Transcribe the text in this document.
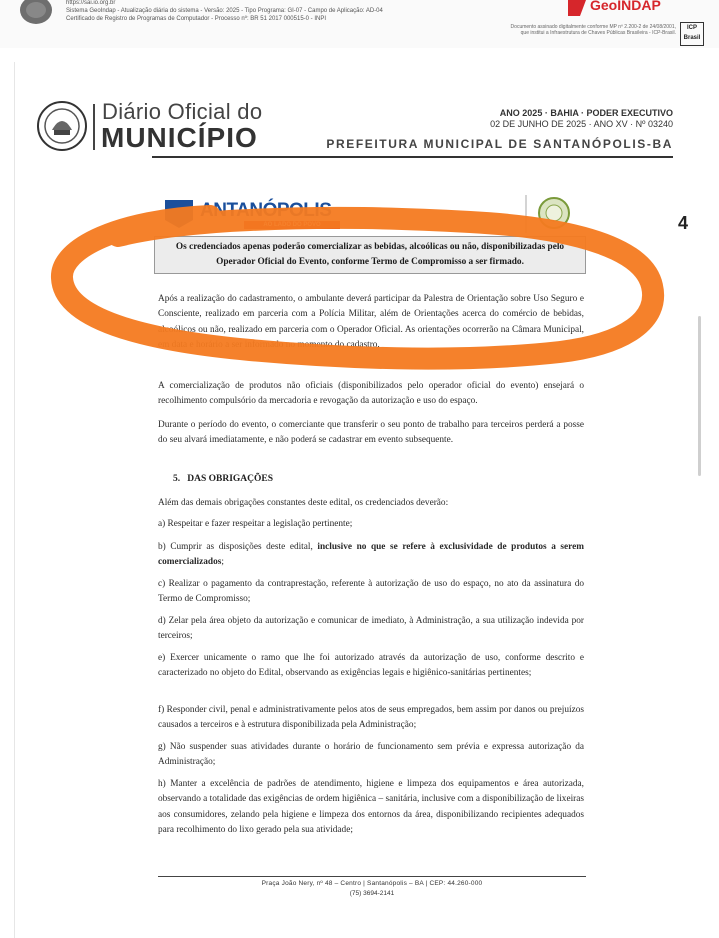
https://sai.io.org.br
Sistema GeoIndap - Atualização diária do sistema - Versão: 2025 - Tipo Programa: GI-07 - Campo de Aplicação: AD-04
Certificado de Registro de Programas de Computador - Processo nº: BR 51 2017 000515-0 - INPI
GeoINDAP
Documento assinado digitalmente conforme MP nº 2.200-2 de 24/08/2001,
que institui a Infraestrutura de Chaves Públicas Brasileira - ICP-Brasil.
ICP Brasil
Diário Oficial do
MUNICÍPIO
ANO 2025 · BAHIA · PODER EXECUTIVO
02 DE JUNHO DE 2025 · ANO XV · Nº 03240
PREFEITURA MUNICIPAL DE SANTANÓPOLIS-BA
4
ANTANÓPOLIS
AO LADO DO POVO
Os credenciados apenas poderão comercializar as bebidas, alcoólicas ou não, disponibilizadas pelo Operador Oficial do Evento, conforme Termo de Compromisso a ser firmado.
Após a realização do cadastramento, o ambulante deverá participar da Palestra de Orientação sobre Uso Seguro e Consciente, realizado em parceria com a Polícia Militar, além de Orientações acerca do comércio de bebidas, alcoólicos ou não, realizado em parceria com o Operador Oficial. As orientações ocorrerão na Câmara Municipal, em data e horário a ser informado no momento do cadastro.
A comercialização de produtos não oficiais (disponibilizados pelo operador oficial do evento) ensejará o recolhimento compulsório da mercadoria e revogação da autorização e uso do espaço.
Durante o período do evento, o comerciante que transferir o seu ponto de trabalho para terceiros perderá a posse do seu alvará imediatamente, e não poderá se cadastrar em evento subsequente.
5.   DAS OBRIGAÇÕES
Além das demais obrigações constantes deste edital, os credenciados deverão:
a) Respeitar e fazer respeitar a legislação pertinente;
b) Cumprir as disposições deste edital, inclusive no que se refere à exclusividade de produtos a serem comercializados;
c) Realizar o pagamento da contraprestação, referente à autorização de uso do espaço, no ato da assinatura do Termo de Compromisso;
d) Zelar pela área objeto da autorização e comunicar de imediato, à Administração, a sua utilização indevida por terceiros;
e) Exercer unicamente o ramo que lhe foi autorizado através da autorização de uso, conforme descrito e caracterizado no objeto do Edital, observando as exigências legais e higiênico-sanitárias pertinentes;
f) Responder civil, penal e administrativamente pelos atos de seus empregados, bem assim por danos ou prejuízos causados a terceiros e à estrutura disponibilizada pela Administração;
g) Não suspender suas atividades durante o horário de funcionamento sem prévia e expressa autorização da Administração;
h) Manter a excelência de padrões de atendimento, higiene e limpeza dos equipamentos e área autorizada, observando a totalidade das exigências de ordem higiênica – sanitária, inclusive com a disponibilização de lixeiras aos consumidores, zelando pela higiene e limpeza dos entornos da área, disponibilizando recipientes adequados para recolhimento do lixo gerado pela sua atividade;
Praça João Nery, nº 48 – Centro | Santanópolis – BA | CEP: 44.260-000
(75) 3694-2141
